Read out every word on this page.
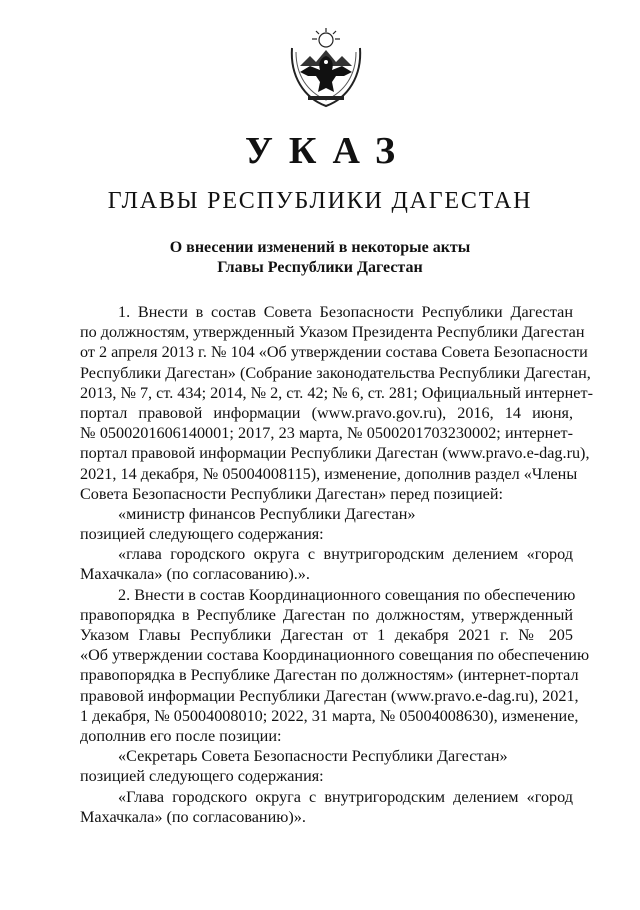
УКАЗ
ГЛАВЫ РЕСПУБЛИКИ ДАГЕСТАН
О внесении изменений в некоторые акты
Главы Республики Дагестан
1. Внести в состав Совета Безопасности Республики Дагестан
по должностям, утвержденный Указом Президента Республики Дагестан
от 2 апреля 2013 г. № 104 «Об утверждении состава Совета Безопасности
Республики Дагестан» (Собрание законодательства Республики Дагестан,
2013, № 7, ст. 434; 2014, № 2, ст. 42; № 6, ст. 281; Официальный интернет-
портал правовой информации (www.pravo.gov.ru), 2016, 14 июня,
№ 0500201606140001; 2017, 23 марта, № 0500201703230002; интернет-
портал правовой информации Республики Дагестан (www.pravo.e-dag.ru),
2021, 14 декабря, № 05004008115), изменение, дополнив раздел «Члены
Совета Безопасности Республики Дагестан» перед позицией:
«министр финансов Республики Дагестан»
позицией следующего содержания:
«глава городского округа с внутригородским делением «город
Махачкала» (по согласованию).».
2. Внести в состав Координационного совещания по обеспечению
правопорядка в Республике Дагестан по должностям, утвержденный
Указом Главы Республики Дагестан от 1 декабря 2021 г. № 205
«Об утверждении состава Координационного совещания по обеспечению
правопорядка в Республике Дагестан по должностям» (интернет-портал
правовой информации Республики Дагестан (www.pravo.e-dag.ru), 2021,
1 декабря, № 05004008010; 2022, 31 марта, № 05004008630), изменение,
дополнив его после позиции:
«Секретарь Совета Безопасности Республики Дагестан»
позицией следующего содержания:
«Глава городского округа с внутригородским делением «город
Махачкала» (по согласованию)».
